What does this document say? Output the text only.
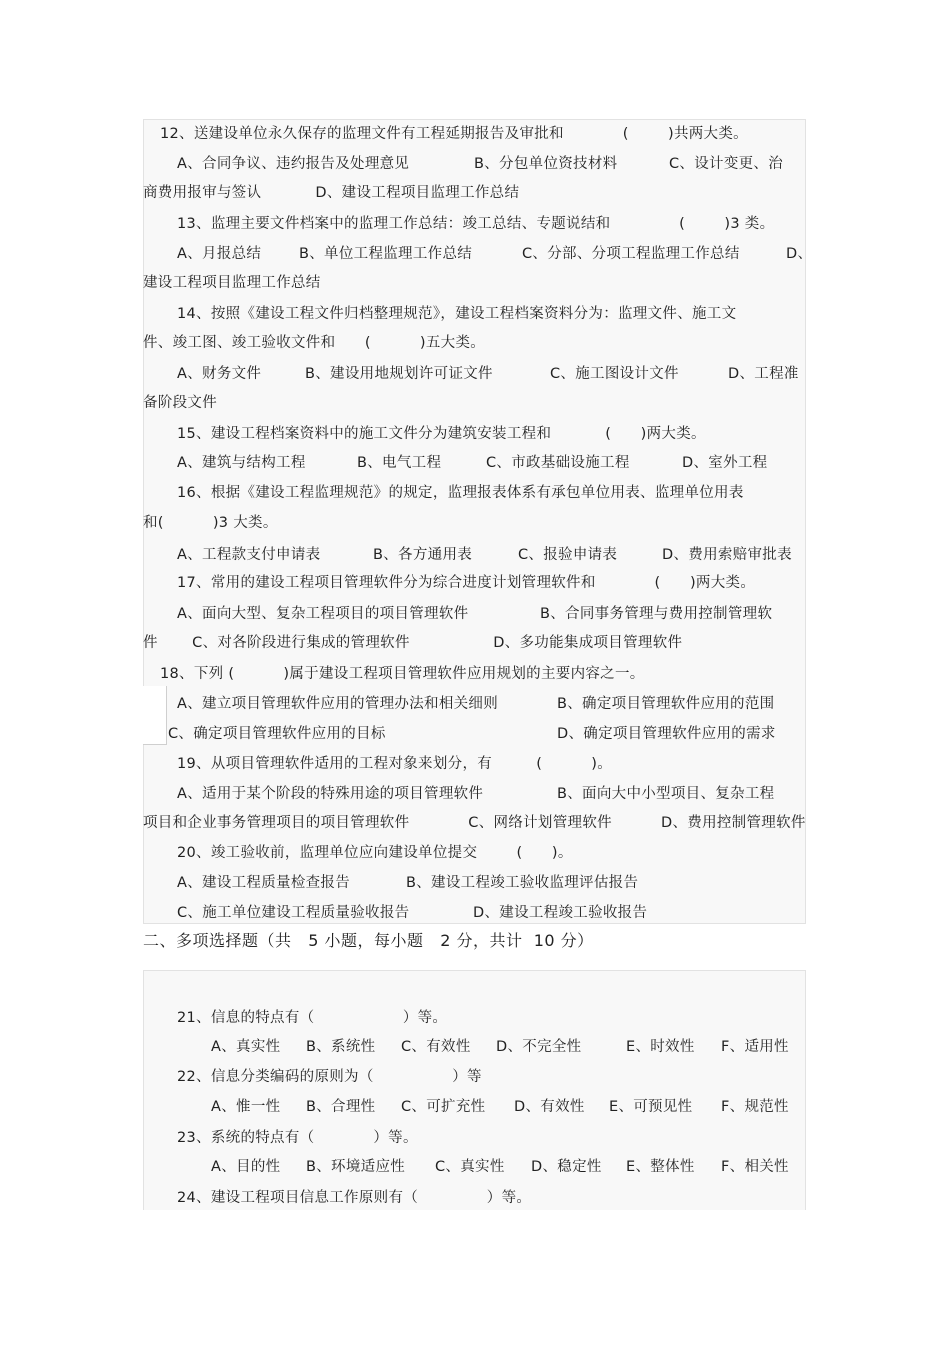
12、送建设单位永久保存的监理文件有工程延期报告及审批和            (        )共两大类。
A、合同争议、违约报告及处理意见	B、分包单位资技材料	C、设计变更、治
商费用报审与签认           D、建设工程项目监理工作总结
13、监理主要文件档案中的监理工作总结：竣工总结、专题说结和              (        )3 类。
A、月报总结	B、单位工程监理工作总结	C、分部、分项工程监理工作总结	D、
建设工程项目监理工作总结
14、按照《建设工程文件归档整理规范》，建设工程档案资料分为：监理文件、施工文
件、竣工图、竣工验收文件和      (          )五大类。
A、财务文件	B、建设用地规划许可证文件	C、施工图设计文件	D、工程准
备阶段文件
15、建设工程档案资料中的施工文件分为建筑安装工程和           (      )两大类。
A、建筑与结构工程	B、电气工程	C、市政基础设施工程	D、室外工程
16、根据《建设工程监理规范》的规定，监理报表体系有承包单位用表、监理单位用表
和(          )3 大类。
A、工程款支付申请表	B、各方通用表	C、报验申请表	D、费用索赔审批表
17、常用的建设工程项目管理软件分为综合进度计划管理软件和            (      )两大类。
A、面向大型、复杂工程项目的项目管理软件	B、合同事务管理与费用控制管理软
件       C、对各阶段进行集成的管理软件                 D、多功能集成项目管理软件
18、下列 (          )属于建设工程项目管理软件应用规划的主要内容之一。
A、建立项目管理软件应用的管理办法和相关细则	B、确定项目管理软件应用的范围
C、确定项目管理软件应用的目标	D、确定项目管理软件应用的需求
19、从项目管理软件适用的工程对象来划分，有         (          )。
A、适用于某个阶段的特殊用途的项目管理软件	B、面向大中小型项目、复杂工程
项目和企业事务管理项目的项目管理软件            C、网络计划管理软件          D、费用控制管理软件
20、竣工验收前，监理单位应向建设单位提交        (      )。
A、建设工程质量检查报告	B、建设工程竣工验收监理评估报告
C、施工单位建设工程质量验收报告	D、建设工程竣工验收报告
二、多项选择题（共   5 小题，每小题   2 分，共计  10 分）
21、信息的特点有（                  ）等。
A、真实性 B、系统性 C、有效性 D、不完全性	E、时效性 F、适用性
22、信息分类编码的原则为（                ）等
A、惟一性 B、合理性 C、可扩充性 D、有效性 E、可预见性 F、规范性
23、系统的特点有（            ）等。
A、目的性 B、环境适应性 C、真实性 D、稳定性 E、整体性 F、相关性
24、建设工程项目信息工作原则有（              ）等。
